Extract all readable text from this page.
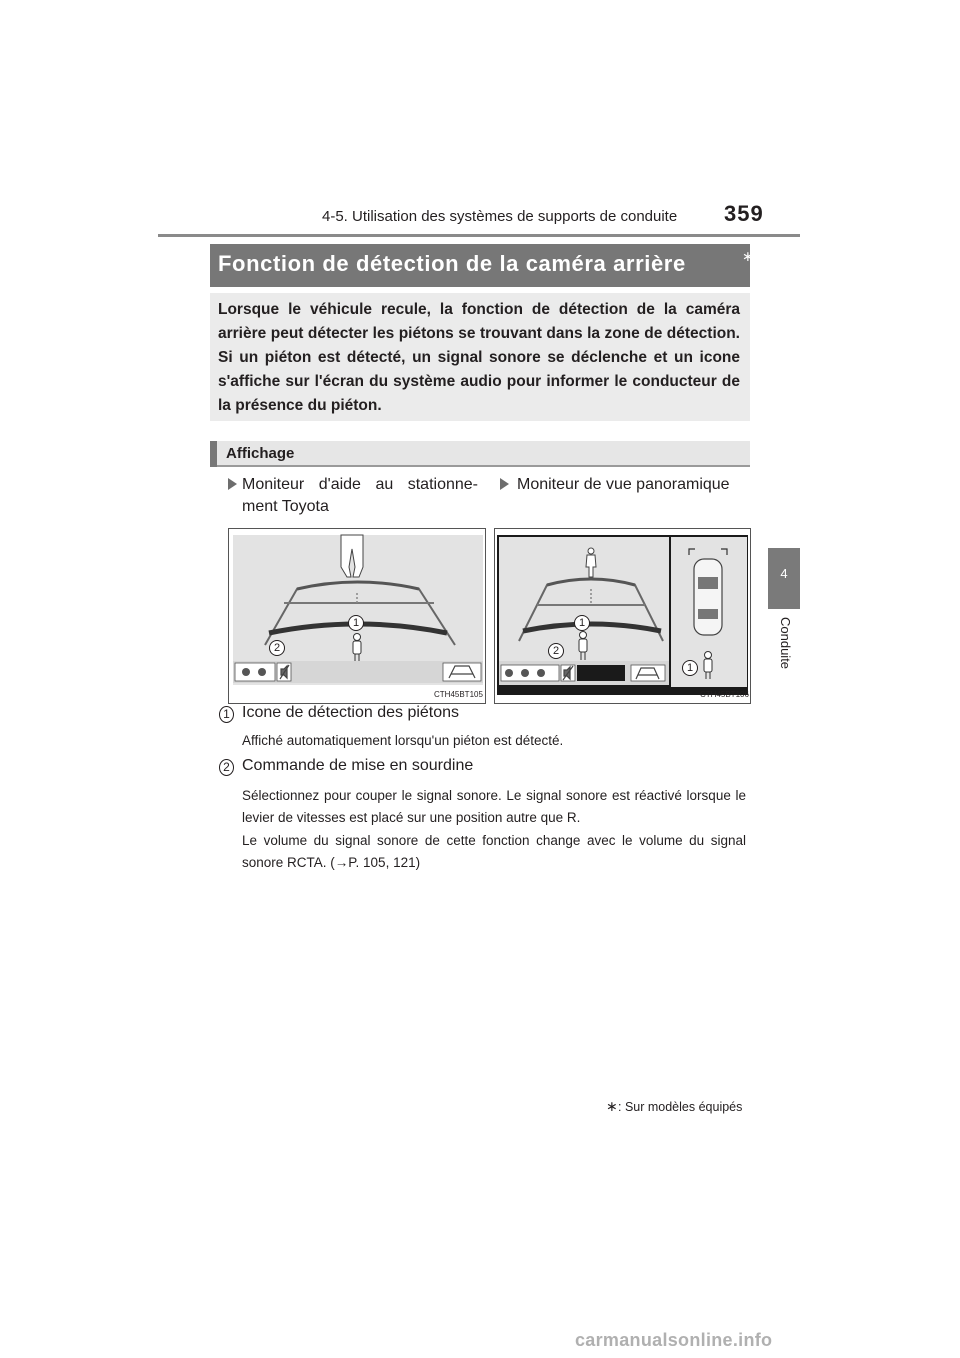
4-5. Utilisation des systèmes de supports de conduite 359
4
Conduite
Fonction de détection de la caméra arrière	∗
Lorsque le véhicule recule, la fonction de détection de la caméra arrière peut détecter les piétons se trouvant dans la zone de détection. Si un piéton est détecté, un signal sonore se déclenche et un icone s'affiche sur l'écran du système audio pour informer le conducteur de la présence du piéton.
Affichage
Moniteur d'aide au stationne- ment Toyota
Moniteur de vue panoramique
CTH45BT105	CTH45BT106
1
2
1
2
1
1 Icone de détection des piétons
Affiché automatiquement lorsqu'un piéton est détecté.
2 Commande de mise en sourdine
Sélectionnez pour couper le signal sonore. Le signal sonore est réactivé lorsque le levier de vitesses est placé sur une position autre que R.
Le volume du signal sonore de cette fonction change avec le volume du signal sonore RCTA. (→P. 105, 121)
∗ : Sur modèles équipés
carmanualsonline.info
